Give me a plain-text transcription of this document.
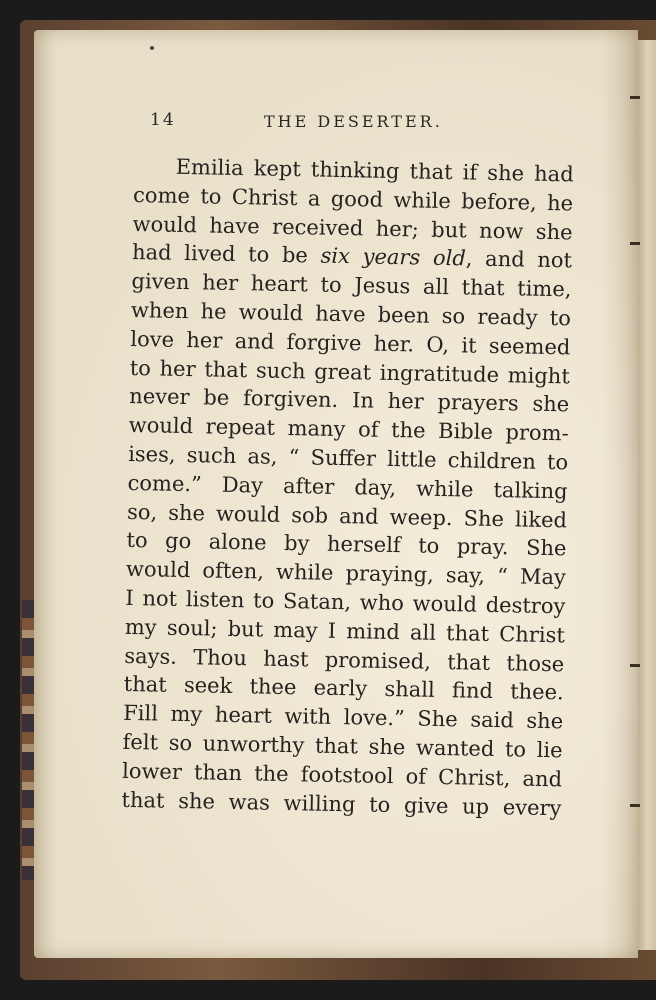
14	THE DESERTER.
Emilia kept thinking that if she had
come to Christ a good while before, he
would have received her; but now she
had lived to be six years old, and not
given her heart to Jesus all that time,
when he would have been so ready to
love her and forgive her. O, it seemed
to her that such great ingratitude might
never be forgiven. In her prayers she
would repeat many of the Bible prom-
ises, such as, “ Suffer little children to
come.” Day after day, while talking
so, she would sob and weep. She liked
to go alone by herself to pray. She
would often, while praying, say, “ May
I not listen to Satan, who would destroy
my soul; but may I mind all that Christ
says. Thou hast promised, that those
that seek thee early shall find thee.
Fill my heart with love.” She said she
felt so unworthy that she wanted to lie
lower than the footstool of Christ, and
that she was willing to give up every
